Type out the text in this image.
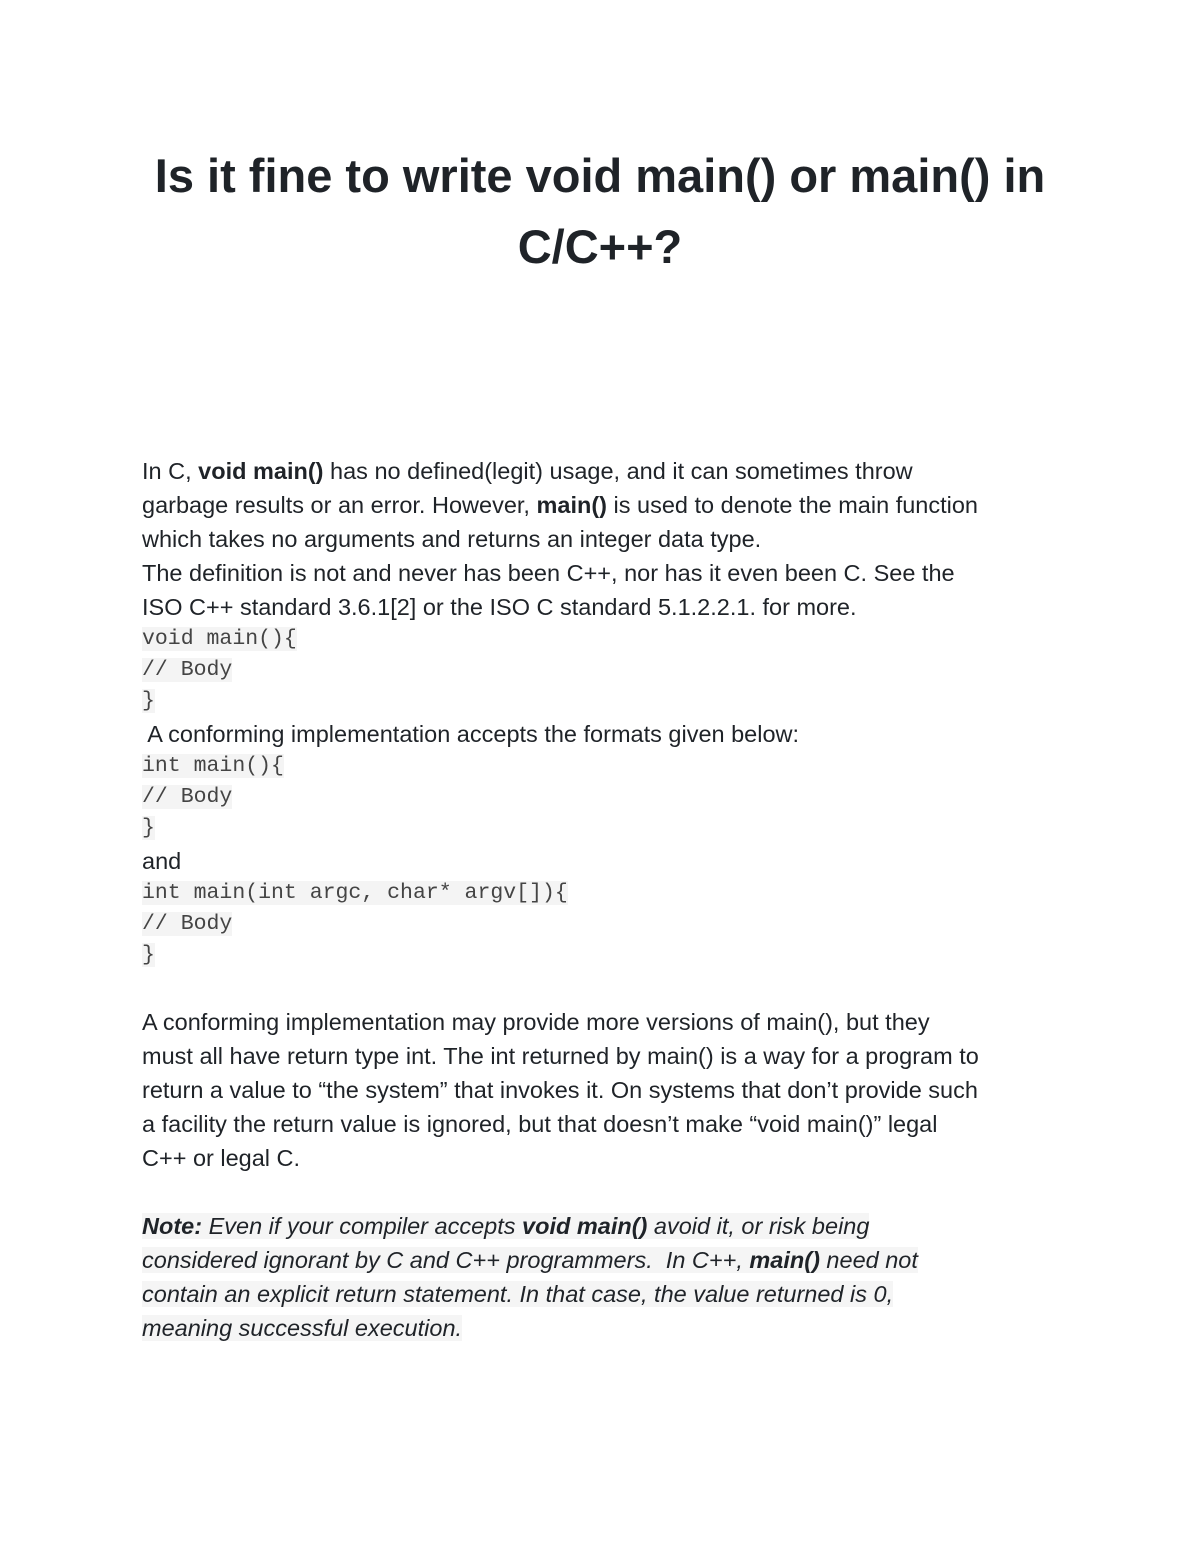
Is it fine to write void main() or main() in
C/C++?

In C, void main() has no defined(legit) usage, and it can sometimes throw
garbage results or an error. However, main() is used to denote the main function
which takes no arguments and returns an integer data type.
The definition is not and never has been C++, nor has it even been C. See the
ISO C++ standard 3.6.1[2] or the ISO C standard 5.1.2.2.1. for more.

void main(){
// Body
}

A conforming implementation accepts the formats given below:

int main(){
// Body
}

and

int main(int argc, char* argv[]){
// Body
}

A conforming implementation may provide more versions of main(), but they
must all have return type int. The int returned by main() is a way for a program to
return a value to “the system” that invokes it. On systems that don’t provide such
a facility the return value is ignored, but that doesn’t make “void main()” legal
C++ or legal C.

Note: Even if your compiler accepts void main() avoid it, or risk being
considered ignorant by C and C++ programmers.  In C++, main() need not
contain an explicit return statement. In that case, the value returned is 0,
meaning successful execution.
